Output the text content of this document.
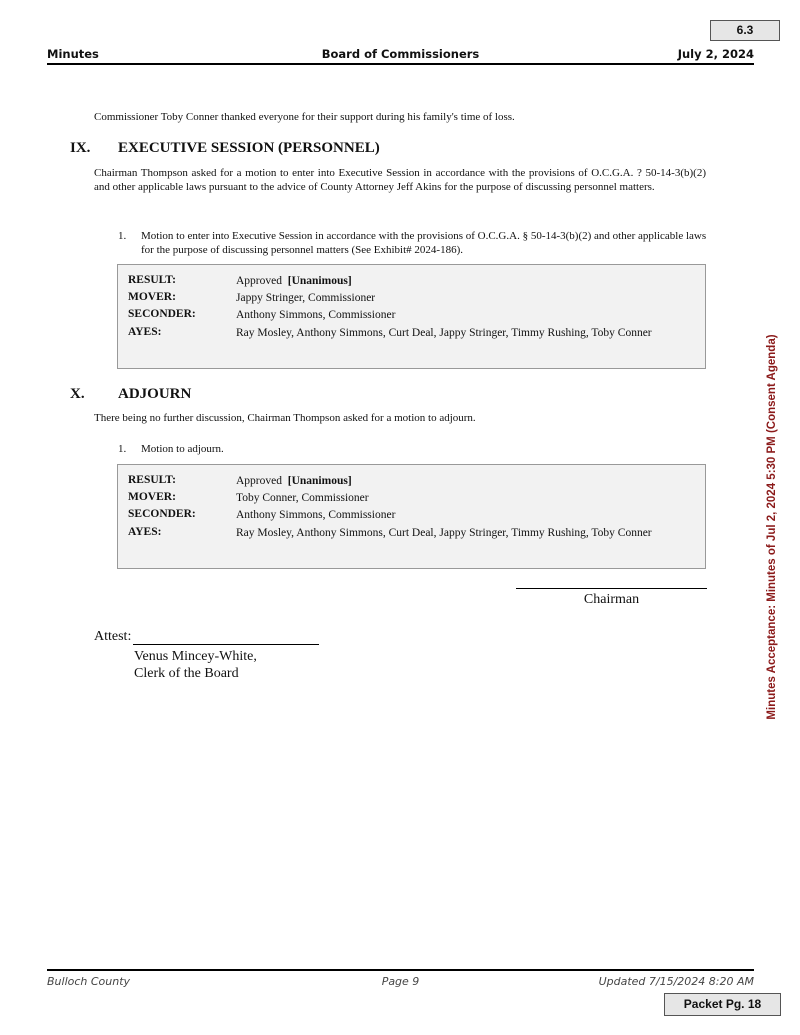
6.3
Board of Commissioners
Minutes	July 2, 2024
Commissioner Toby Conner thanked everyone for their support during his family's time of loss.
IX. EXECUTIVE SESSION (PERSONNEL)
Chairman Thompson asked for a motion to enter into Executive Session in accordance with the provisions of O.C.G.A. ? 50-14-3(b)(2) and other applicable laws pursuant to the advice of County Attorney Jeff Akins for the purpose of discussing personnel matters.
1. Motion to enter into Executive Session in accordance with the provisions of O.C.G.A. § 50-14-3(b)(2) and other applicable laws for the purpose of discussing personnel matters (See Exhibit# 2024-186).
RESULT:	Approved [Unanimous]
MOVER:	Jappy Stringer, Commissioner
SECONDER:	Anthony Simmons, Commissioner
AYES:	Ray Mosley, Anthony Simmons, Curt Deal, Jappy Stringer, Timmy Rushing, Toby Conner
X. ADJOURN
There being no further discussion, Chairman Thompson asked for a motion to adjourn.
1. Motion to adjourn.
RESULT:	Approved [Unanimous]
MOVER:	Toby Conner, Commissioner
SECONDER:	Anthony Simmons, Commissioner
AYES:	Ray Mosley, Anthony Simmons, Curt Deal, Jappy Stringer, Timmy Rushing, Toby Conner
Chairman
Attest:
Venus Mincey-White,
Clerk of the Board	Minutes Acceptance: Minutes of Jul 2, 2024 5:30 PM (Consent Agenda)
Page 9
Bulloch County	Updated 7/15/2024 8:20 AM
Packet Pg. 18
